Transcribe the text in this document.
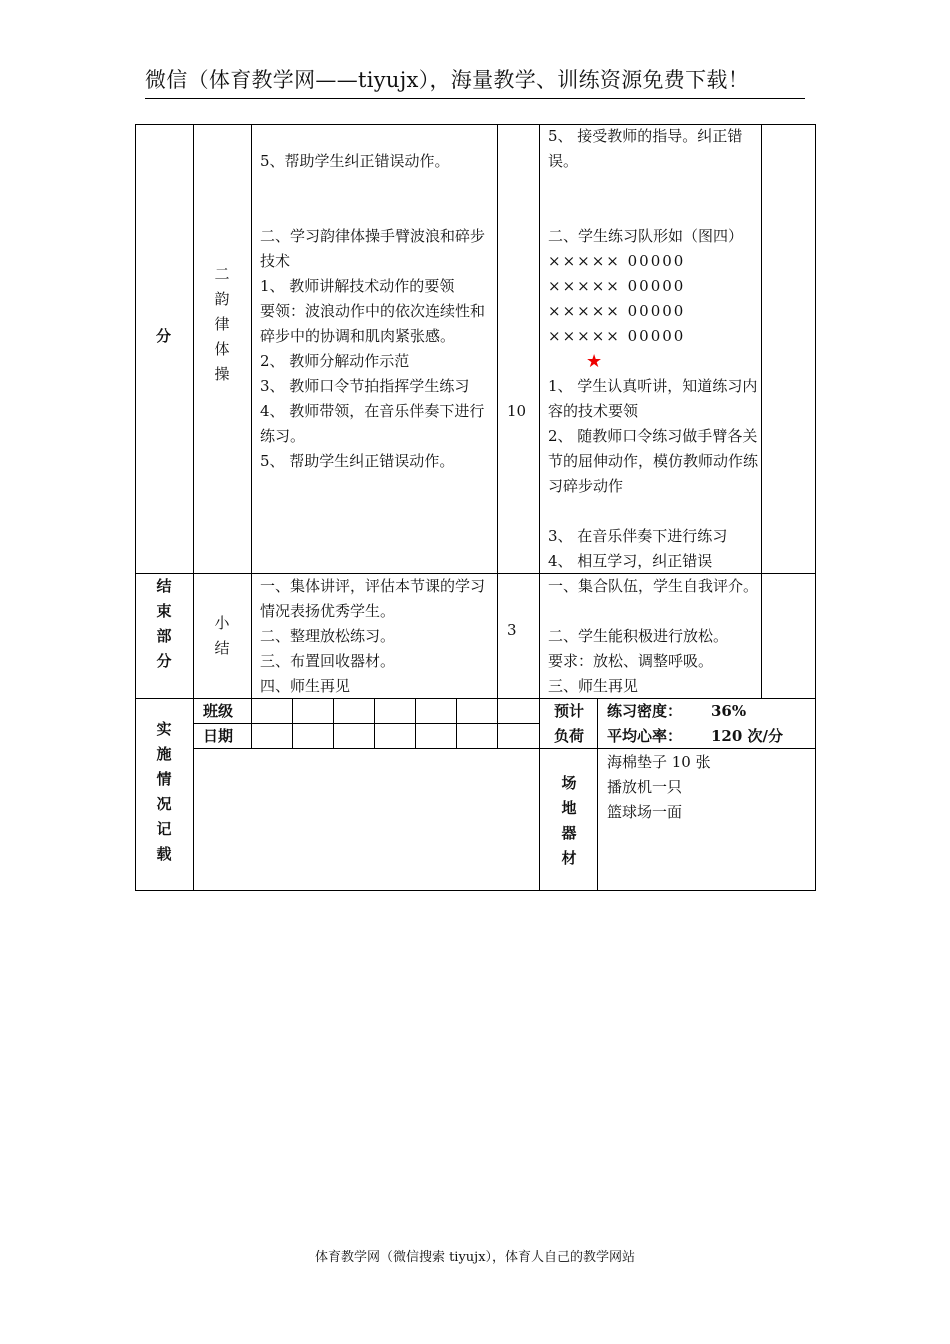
微信（体育教学网——tiyujx），海量教学、训练资源免费下载！
分
二
韵
律
体
操
5、帮助学生纠正错误动作。
二、学习韵律体操手臂波浪和碎步技术
1、 教师讲解技术动作的要领
要领：波浪动作中的依次连续性和碎步中的协调和肌肉紧张感。
2、 教师分解动作示范
3、 教师口令节拍指挥学生练习
4、 教师带领，在音乐伴奏下进行练习。
5、 帮助学生纠正错误动作。
10
5、 接受教师的指导。纠正错误。
二、学生练习队形如（图四）
××××× 00000
××××× 00000
××××× 00000
××××× 00000
★
1、 学生认真听讲，知道练习内容的技术要领
2、 随教师口令练习做手臂各关节的屈伸动作，模仿教师动作练习碎步动作
3、 在音乐伴奏下进行练习
4、 相互学习，纠正错误
结
束
部
分
小
结
一、集体讲评，评估本节课的学习情况表扬优秀学生。
二、整理放松练习。
三、布置回收器材。
四、师生再见
3
一、集合队伍，学生自我评介。
二、学生能积极进行放松。
要求：放松、调整呼吸。
三、师生再见
实
施
情
况
记
载
班级
日期
预计
负荷
练习密度： 36%
平均心率： 120 次/分
场
地
器
材
海棉垫子 10 张
播放机一只
篮球场一面
体育教学网（微信搜索 tiyujx），体育人自己的教学网站
